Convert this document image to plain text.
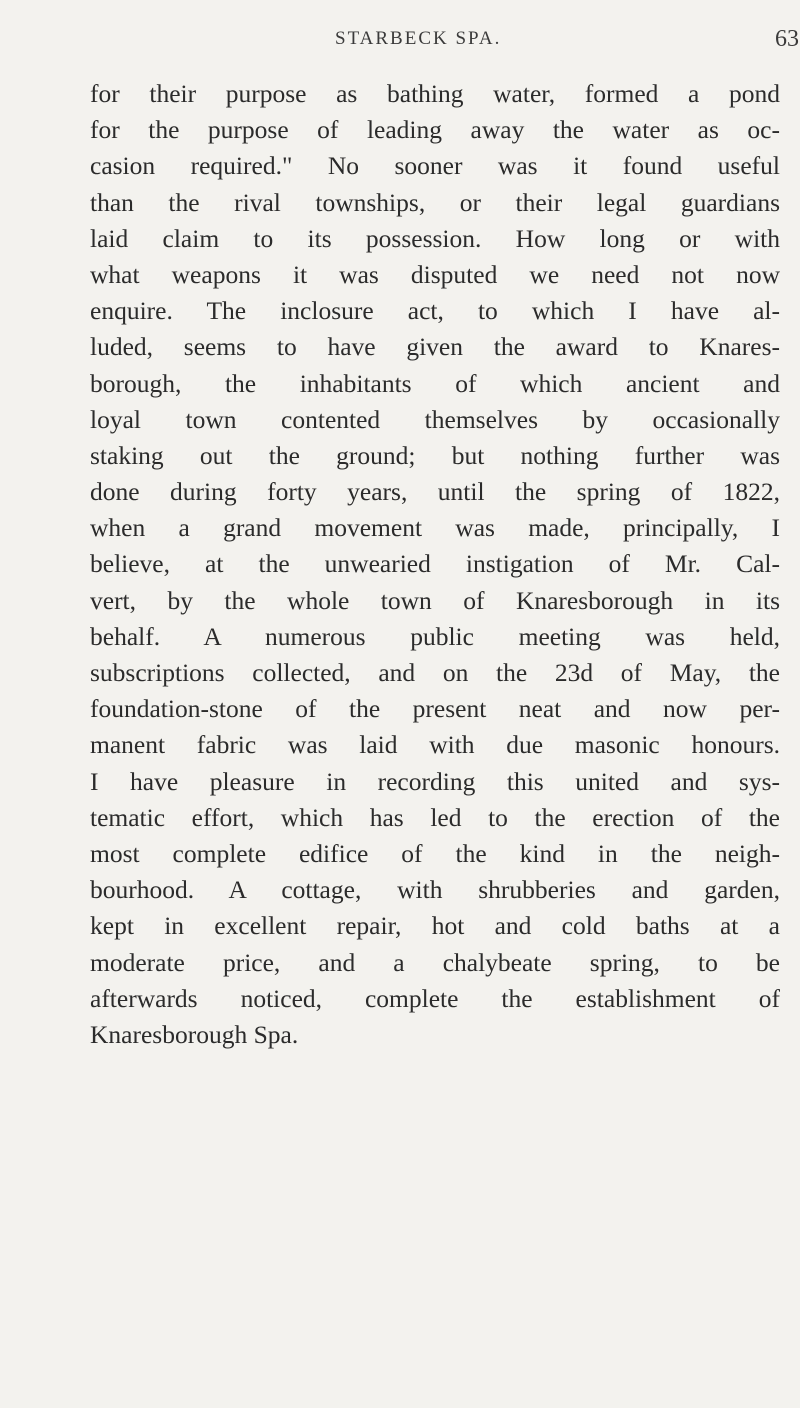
STARBECK SPA.	63
for their purpose as bathing water, formed a pond
for the purpose of leading away the water as oc-
casion required." No sooner was it found useful
than the rival townships, or their legal guardians
laid claim to its possession. How long or with
what weapons it was disputed we need not now
enquire. The inclosure act, to which I have al-
luded, seems to have given the award to Knares-
borough, the inhabitants of which ancient and
loyal town contented themselves by occasionally
staking out the ground; but nothing further was
done during forty years, until the spring of 1822,
when a grand movement was made, principally, I
believe, at the unwearied instigation of Mr. Cal-
vert, by the whole town of Knaresborough in its
behalf. A numerous public meeting was held,
subscriptions collected, and on the 23d of May, the
foundation-stone of the present neat and now per-
manent fabric was laid with due masonic honours.
I have pleasure in recording this united and sys-
tematic effort, which has led to the erection of the
most complete edifice of the kind in the neigh-
bourhood. A cottage, with shrubberies and garden,
kept in excellent repair, hot and cold baths at a
moderate price, and a chalybeate spring, to be
afterwards noticed, complete the establishment of
Knaresborough Spa.
